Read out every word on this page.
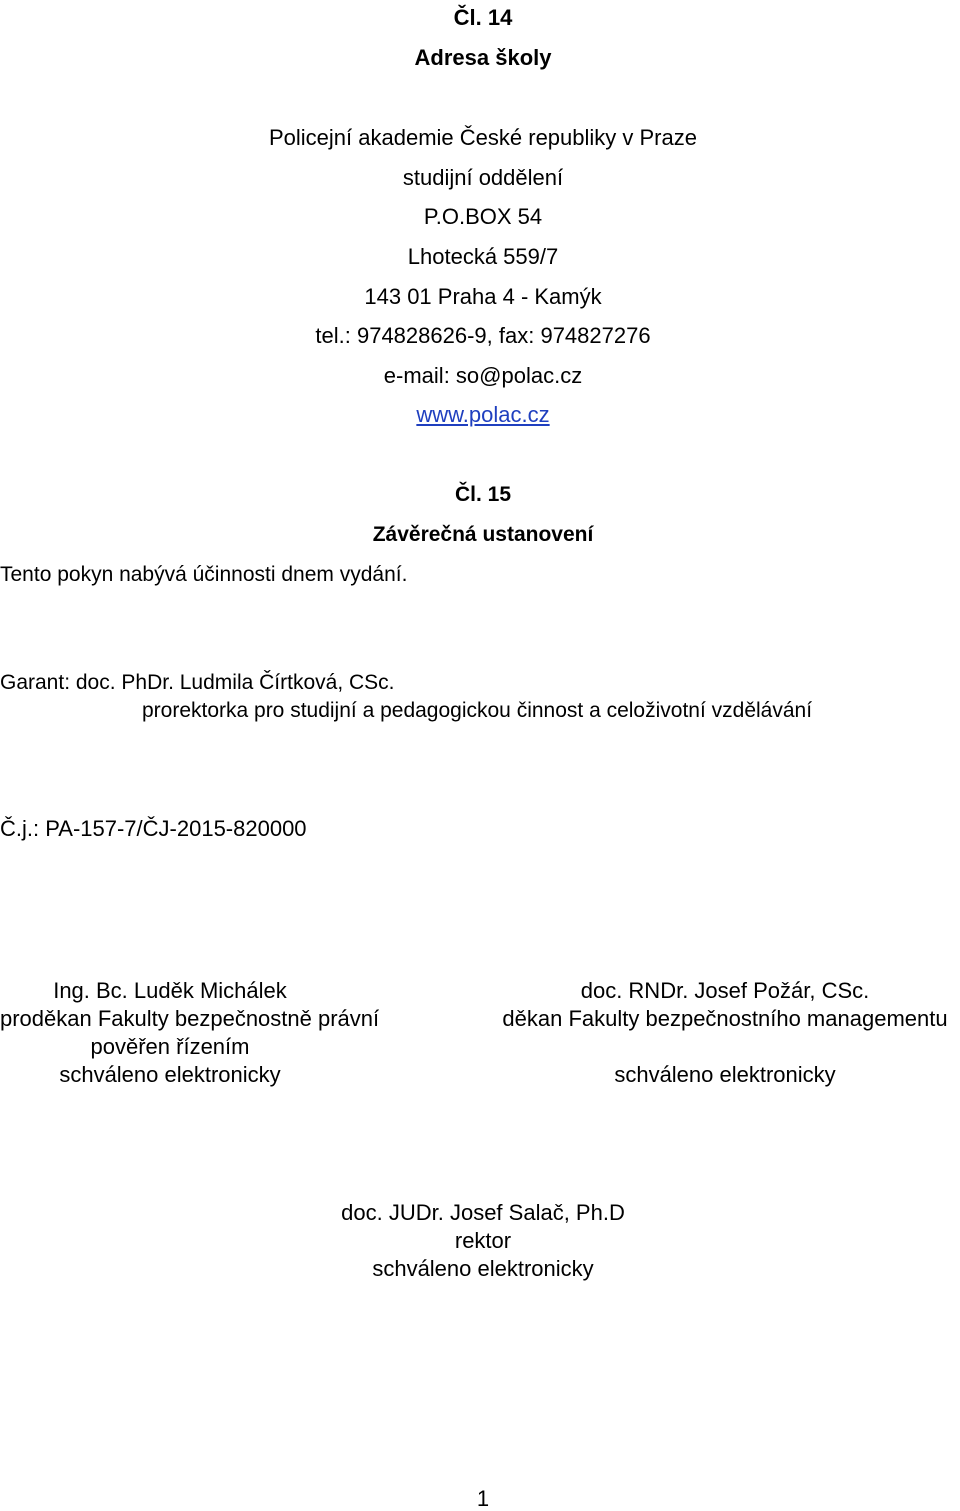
Čl. 14
Adresa školy
Policejní akademie České republiky v Praze
studijní oddělení
P.O.BOX 54
Lhotecká 559/7
143 01 Praha 4 - Kamýk
tel.: 974828626-9, fax: 974827276
e-mail: so@polac.cz
www.polac.cz
Čl. 15
Závěrečná ustanovení
Tento pokyn nabývá účinnosti dnem vydání.
Garant: doc. PhDr. Ludmila Čírtková, CSc.
prorektorka pro studijní a pedagogickou činnost a celoživotní vzdělávání
Č.j.: PA-157-7/ČJ-2015-820000
Ing. Bc. Luděk Michálek
proděkan Fakulty bezpečnostně právní
pověřen řízením
schváleno elektronicky
doc. RNDr. Josef Požár, CSc.
děkan Fakulty bezpečnostního managementu

schváleno elektronicky
doc. JUDr. Josef Salač, Ph.D
rektor
schváleno elektronicky
1
